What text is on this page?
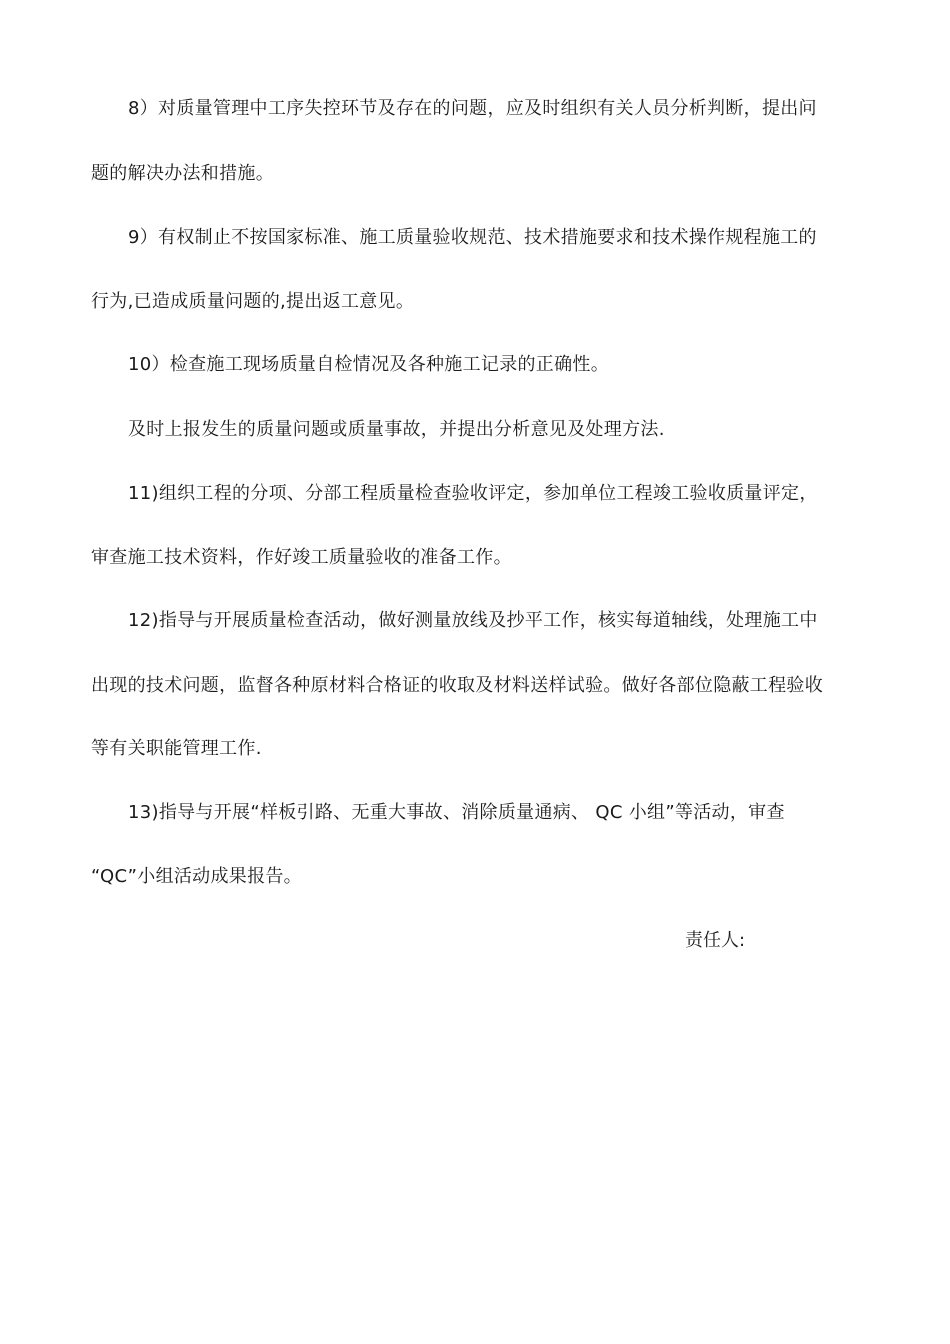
8）对质量管理中工序失控环节及存在的问题，应及时组织有关人员分析判断，提出问
题的解决办法和措施。
9）有权制止不按国家标准、施工质量验收规范、技术措施要求和技术操作规程施工的
行为,已造成质量问题的,提出返工意见。
10）检查施工现场质量自检情况及各种施工记录的正确性。
及时上报发生的质量问题或质量事故，并提出分析意见及处理方法.
11)组织工程的分项、分部工程质量检查验收评定，参加单位工程竣工验收质量评定，
审查施工技术资料，作好竣工质量验收的准备工作。
12)指导与开展质量检查活动，做好测量放线及抄平工作，核实每道轴线，处理施工中
出现的技术问题，监督各种原材料合格证的收取及材料送样试验。做好各部位隐蔽工程验收
等有关职能管理工作.
13)指导与开展“样板引路、无重大事故、消除质量通病、 QC 小组”等活动，审查
“QC”小组活动成果报告。
责任人:
